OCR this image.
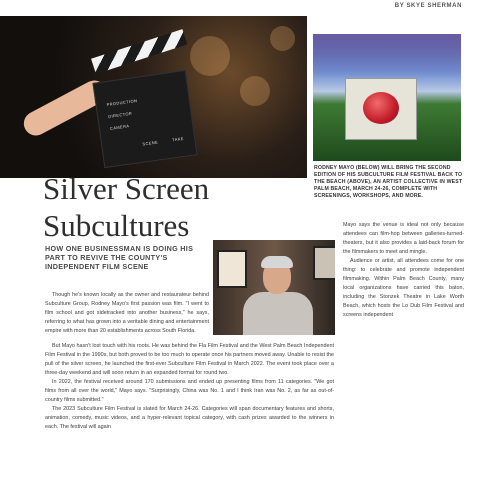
BY SKYE SHERMAN
PRODUCTION
DIRECTOR
CAMERA
SCENE
TAKE
RODNEY MAYO (BELOW) WILL BRING THE SECOND EDITION OF HIS SUBCULTURE FILM FESTIVAL BACK TO THE BEACH (ABOVE), AN ARTIST COLLECTIVE IN WEST PALM BEACH, MARCH 24-26, COMPLETE WITH SCREENINGS, WORKSHOPS, AND MORE.
Silver Screen
Subcultures
HOW ONE BUSINESSMAN IS DOING HIS PART TO REVIVE THE COUNTY'S INDEPENDENT FILM SCENE

Though he's known locally as the owner and restaurateur behind Subculture Group, Rodney Mayo's first passion was film. "I went to film school and got sidetracked into another business," he says, referring to what has grown into a veritable dining and entertainment empire with more than 20 establishments across South Florida.

But Mayo hasn't lost touch with his roots. He was behind the Fla Film Festival and the West Palm Beach Independent Film Festival in the 1990s, but both proved to be too much to operate once his partners moved away. Unable to resist the pull of the silver screen, he launched the first-ever Subculture Film Festival in March 2022. The event took place over a three-day weekend and will soon return in an expanded format for round two.

In 2022, the festival received around 170 submissions and ended up presenting films from 11 categories. "We got films from all over the world," Mayo says. "Surprisingly, China was No. 1 and I think Iran was No. 2, as far as out-of-country films submitted."

The 2023 Subculture Film Festival is slated for March 24-26. Categories will span documentary features and shorts, animation, comedy, music videos, and a hyper-relevant topical category, with cash prizes awarded to the winners in each. The festival will again

Mayo says the venue is ideal not only because attendees can film-hop between galleries-turned-theaters, but it also provides a laid-back forum for the filmmakers to meet and mingle.

Audience or artist, all attendees come for one thing: to celebrate and promote independent filmmaking. Within Palm Beach County, many local organizations have carried this baton, including the Stonzek Theatre in Lake Worth Beach, which hosts the Lo Dub Film Festival and screens independent
